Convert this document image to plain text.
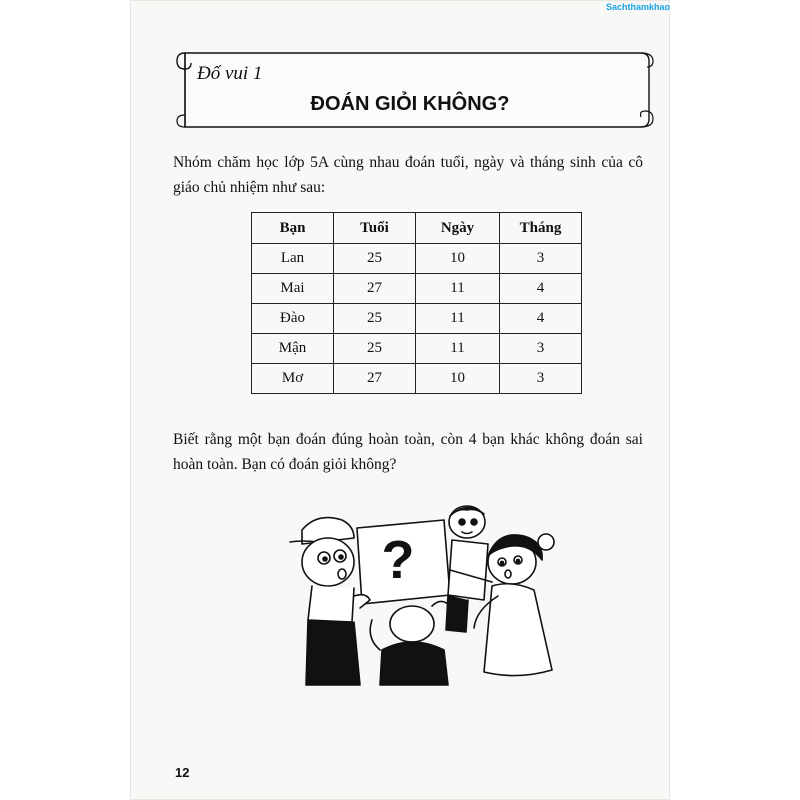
Sachthamkhao
Đố vui 1
ĐOÁN GIỎI KHÔNG?
Nhóm chăm học lớp 5A cùng nhau đoán tuổi, ngày và tháng sinh của cô giáo chủ nhiệm như sau:
Bạn	Tuổi	Ngày	Tháng
Lan	25	10	3
Mai	27	11	4
Đào	25	11	4
Mận	25	11	3
Mơ	27	10	3
Biết rằng một bạn đoán đúng hoàn toàn, còn 4 bạn khác không đoán sai hoàn toàn. Bạn có đoán giỏi không?
?
12
